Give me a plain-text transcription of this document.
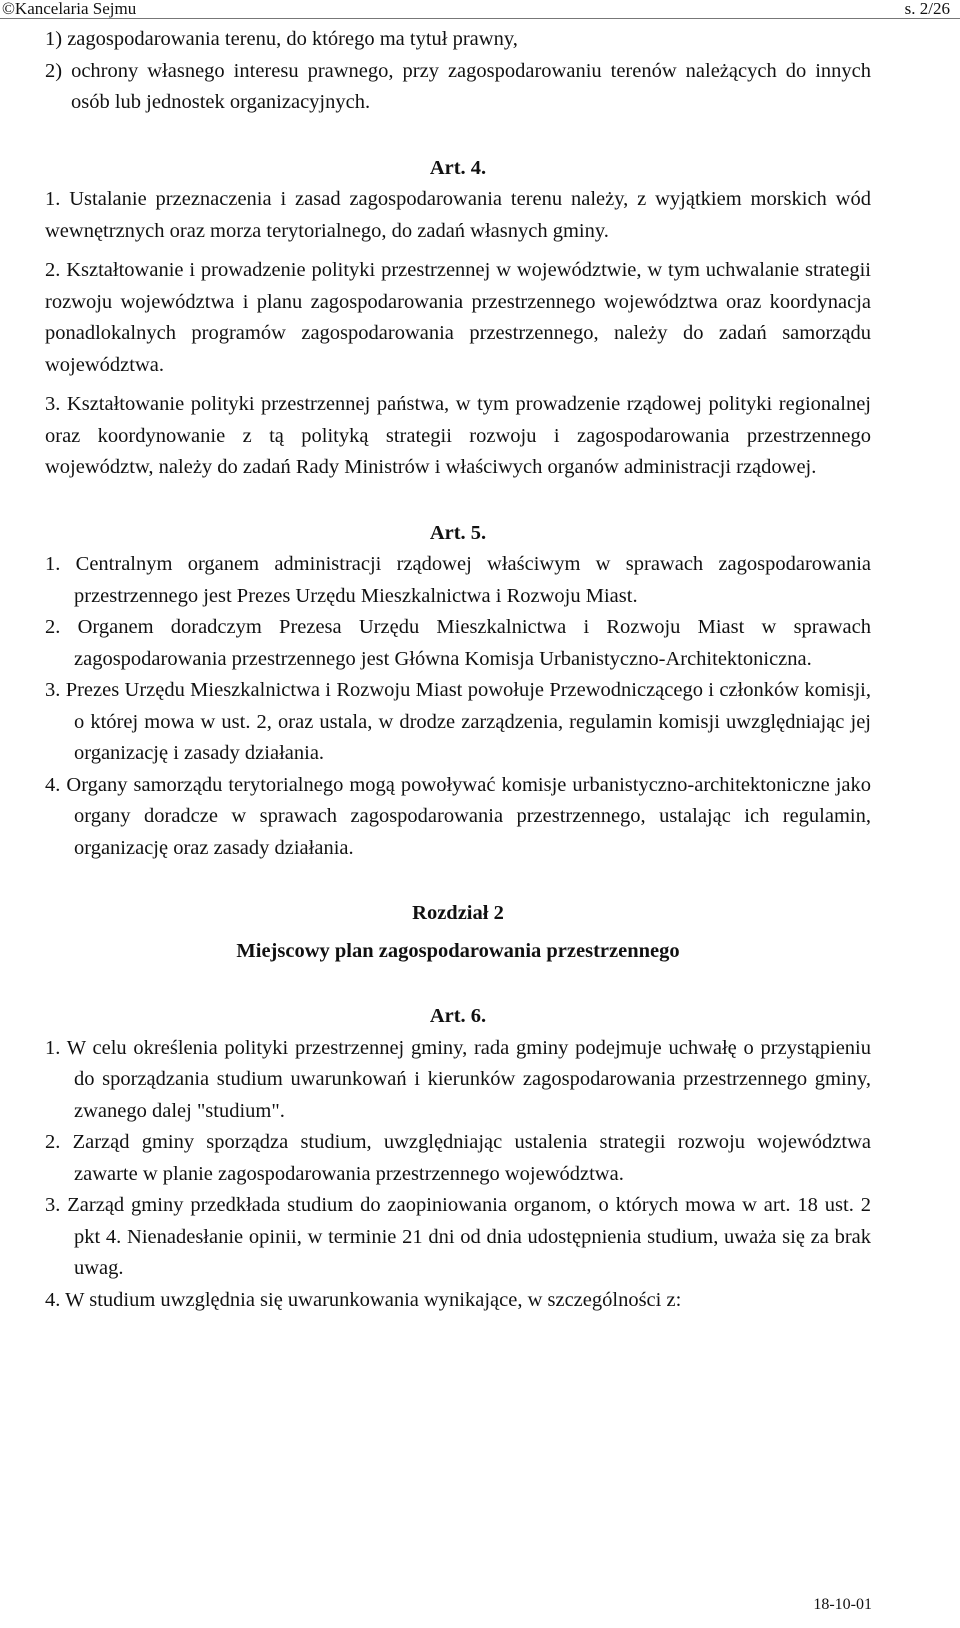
©Kancelaria Sejmu	s. 2/26

1) zagospodarowania terenu, do którego ma tytuł prawny,

2) ochrony własnego interesu prawnego, przy zagospodarowaniu terenów należących do innych osób lub jednostek organizacyjnych.

Art. 4.

1. Ustalanie przeznaczenia i zasad zagospodarowania terenu należy, z wyjątkiem morskich wód wewnętrznych oraz morza terytorialnego, do zadań własnych gminy.

2. Kształtowanie i prowadzenie polityki przestrzennej w województwie, w tym uchwalanie strategii rozwoju województwa i planu zagospodarowania przestrzennego województwa oraz koordynacja ponadlokalnych programów zagospodarowania przestrzennego, należy do zadań samorządu województwa.

3. Kształtowanie polityki przestrzennej państwa, w tym prowadzenie rządowej polityki regionalnej oraz koordynowanie z tą polityką strategii rozwoju i zagospodarowania przestrzennego województw, należy do zadań Rady Ministrów i właściwych organów administracji rządowej.

Art. 5.

1. Centralnym organem administracji rządowej właściwym w sprawach zagospodarowania przestrzennego jest Prezes Urzędu Mieszkalnictwa i Rozwoju Miast.

2. Organem doradczym Prezesa Urzędu Mieszkalnictwa i Rozwoju Miast w sprawach zagospodarowania przestrzennego jest Główna Komisja Urbanistyczno-Architektoniczna.

3. Prezes Urzędu Mieszkalnictwa i Rozwoju Miast powołuje Przewodniczącego i członków komisji, o której mowa w ust. 2, oraz ustala, w drodze zarządzenia, regulamin komisji uwzględniając jej organizację i zasady działania.

4. Organy samorządu terytorialnego mogą powoływać komisje urbanistyczno-architektoniczne jako organy doradcze w sprawach zagospodarowania przestrzennego, ustalając ich regulamin, organizację oraz zasady działania.

Rozdział 2

Miejscowy plan zagospodarowania przestrzennego

Art. 6.

1. W celu określenia polityki przestrzennej gminy, rada gminy podejmuje uchwałę o przystąpieniu do sporządzania studium uwarunkowań i kierunków zagospodarowania przestrzennego gminy, zwanego dalej "studium".

2. Zarząd gminy sporządza studium, uwzględniając ustalenia strategii rozwoju województwa zawarte w planie zagospodarowania przestrzennego województwa.

3. Zarząd gminy przedkłada studium do zaopiniowania organom, o których mowa w art. 18 ust. 2 pkt 4. Nienadesłanie opinii, w terminie 21 dni od dnia udostępnienia studium, uważa się za brak uwag.

4. W studium uwzględnia się uwarunkowania wynikające, w szczególności z:

18-10-01
